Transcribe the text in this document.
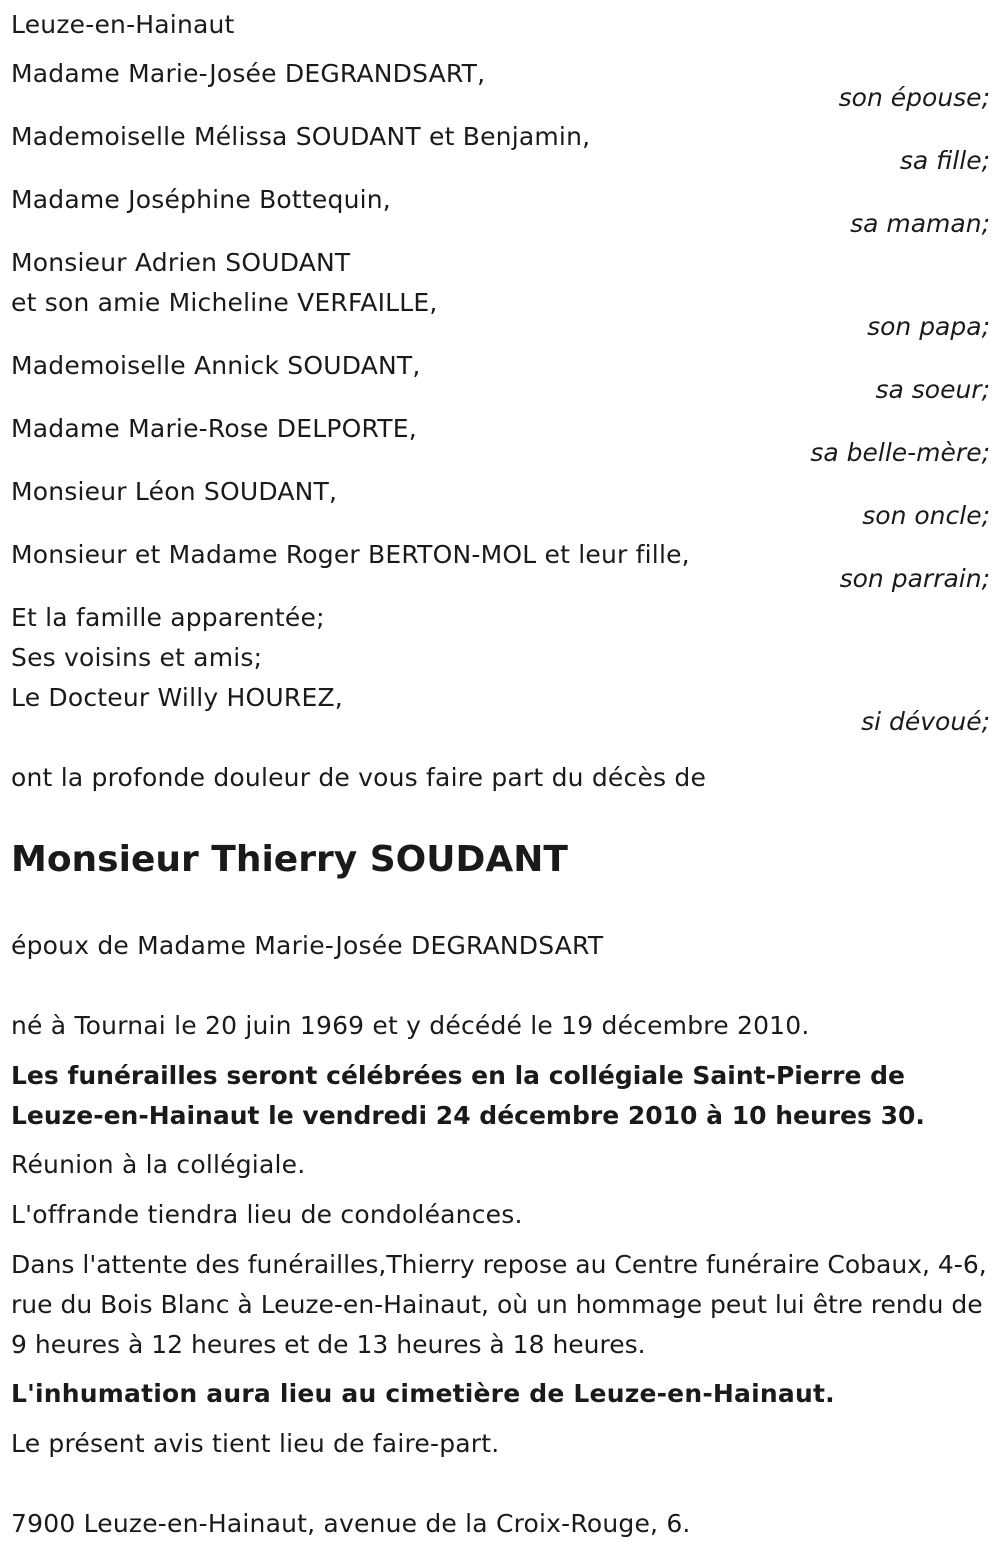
Leuze-en-Hainaut
Madame Marie-Josée DEGRANDSART,
son épouse;
Mademoiselle Mélissa SOUDANT et Benjamin,
sa fille;
Madame Joséphine Bottequin,
sa maman;
Monsieur Adrien SOUDANT
et son amie Micheline VERFAILLE,
son papa;
Mademoiselle Annick SOUDANT,
sa soeur;
Madame Marie-Rose DELPORTE,
sa belle-mère;
Monsieur Léon SOUDANT,
son oncle;
Monsieur et Madame Roger BERTON-MOL et leur fille,
son parrain;
Et la famille apparentée;
Ses voisins et amis;
Le Docteur Willy HOUREZ,
si dévoué;
ont la profonde douleur de vous faire part du décès de
Monsieur Thierry SOUDANT
époux de Madame Marie-Josée DEGRANDSART
né à Tournai le 20 juin 1969 et y décédé le 19 décembre 2010.
Les funérailles seront célébrées en la collégiale Saint-Pierre de Leuze-en-Hainaut le vendredi 24 décembre 2010 à 10 heures 30.
Réunion à la collégiale.
L'offrande tiendra lieu de condoléances.
Dans l'attente des funérailles,Thierry repose au Centre funéraire Cobaux, 4-6, rue du Bois Blanc à Leuze-en-Hainaut, où un hommage peut lui être rendu de 9 heures à 12 heures et de 13 heures à 18 heures.
L'inhumation aura lieu au cimetière de Leuze-en-Hainaut.
Le présent avis tient lieu de faire-part.
7900 Leuze-en-Hainaut, avenue de la Croix-Rouge, 6.
